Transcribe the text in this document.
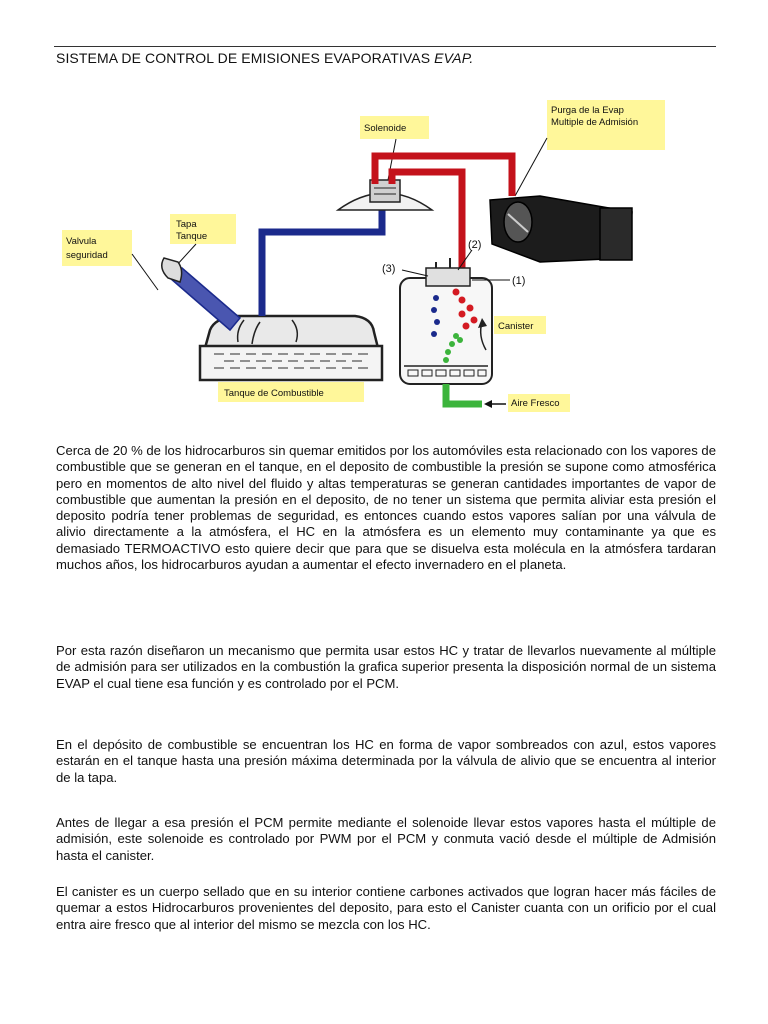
SISTEMA DE CONTROL DE EMISIONES EVAPORATIVAS EVAP.
Solenoide
Purga de la Evap
Multiple de Admisión
Tapa
Tanque
Valvula
seguridad
Tanque de Combustible
Aire Fresco
Canister
(1)
(2)
(3)

Cerca de 20 % de los hidrocarburos sin quemar emitidos por los automóviles esta relacionado con los vapores de combustible que se generan en el tanque, en el deposito de combustible la presión se supone como atmosférica pero en momentos de alto nivel del fluido y altas temperaturas se generan cantidades importantes de vapor de combustible que aumentan la presión en el deposito, de no tener un sistema que permita aliviar esta presión el deposito podría tener problemas de seguridad, es entonces cuando estos vapores salían por una válvula de alivio directamente a la atmósfera, el HC en la atmósfera es un elemento muy contaminante ya que es demasiado TERMOACTIVO esto quiere decir que para que se disuelva esta molécula en la atmósfera tardaran muchos años, los hidrocarburos ayudan a aumentar el efecto invernadero en el planeta.

Por esta razón diseñaron un mecanismo que permita usar estos HC y tratar de llevarlos nuevamente al múltiple de admisión para ser utilizados en la combustión la grafica superior presenta la disposición normal de un sistema EVAP el cual tiene esa función y es controlado por el PCM.

En el depósito de combustible se encuentran los HC en forma de vapor sombreados con azul, estos vapores estarán en el tanque hasta una presión máxima determinada por la válvula de alivio que se encuentra al interior de la tapa.

Antes de llegar a esa presión el PCM permite mediante el solenoide llevar estos vapores hasta el múltiple de admisión, este solenoide es controlado por PWM por el PCM y conmuta vació desde el múltiple de Admisión hasta el canister.

El canister es un cuerpo sellado que en su interior contiene carbones activados que logran hacer más fáciles de quemar a estos Hidrocarburos provenientes del deposito, para esto el Canister cuanta con un orificio por el cual entra aire fresco que al interior del mismo se mezcla con los HC.
